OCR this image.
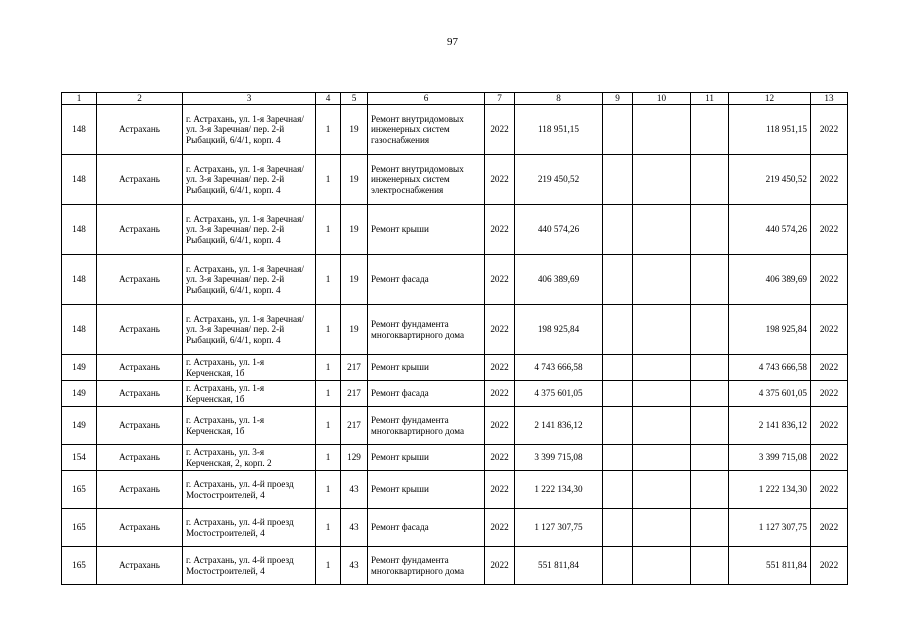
97
1	2	3	4	5	6	7	8	9	10	11	12	13
148	Астрахань	г. Астрахань, ул. 1-я Заречная/ ул. 3-я Заречная/ пер. 2-й Рыбацкий, 6/4/1, корп. 4	1	19	Ремонт внутридомовых инженерных систем газоснабжения	2022	118 951,15				118 951,15	2022
148	Астрахань	г. Астрахань, ул. 1-я Заречная/ ул. 3-я Заречная/ пер. 2-й Рыбацкий, 6/4/1, корп. 4	1	19	Ремонт внутридомовых инженерных систем электроснабжения	2022	219 450,52				219 450,52	2022
148	Астрахань	г. Астрахань, ул. 1-я Заречная/ ул. 3-я Заречная/ пер. 2-й Рыбацкий, 6/4/1, корп. 4	1	19	Ремонт крыши	2022	440 574,26				440 574,26	2022
148	Астрахань	г. Астрахань, ул. 1-я Заречная/ ул. 3-я Заречная/ пер. 2-й Рыбацкий, 6/4/1, корп. 4	1	19	Ремонт фасада	2022	406 389,69				406 389,69	2022
148	Астрахань	г. Астрахань, ул. 1-я Заречная/ ул. 3-я Заречная/ пер. 2-й Рыбацкий, 6/4/1, корп. 4	1	19	Ремонт фундамента многоквартирного дома	2022	198 925,84				198 925,84	2022
149	Астрахань	г. Астрахань, ул. 1-я Керченская, 1б	1	217	Ремонт крыши	2022	4 743 666,58				4 743 666,58	2022
149	Астрахань	г. Астрахань, ул. 1-я Керченская, 1б	1	217	Ремонт фасада	2022	4 375 601,05				4 375 601,05	2022
149	Астрахань	г. Астрахань, ул. 1-я Керченская, 1б	1	217	Ремонт фундамента многоквартирного дома	2022	2 141 836,12				2 141 836,12	2022
154	Астрахань	г. Астрахань, ул. 3-я Керченская, 2, корп. 2	1	129	Ремонт крыши	2022	3 399 715,08				3 399 715,08	2022
165	Астрахань	г. Астрахань, ул. 4-й проезд Мостостроителей, 4	1	43	Ремонт крыши	2022	1 222 134,30				1 222 134,30	2022
165	Астрахань	г. Астрахань, ул. 4-й проезд Мостостроителей, 4	1	43	Ремонт фасада	2022	1 127 307,75				1 127 307,75	2022
165	Астрахань	г. Астрахань, ул. 4-й проезд Мостостроителей, 4	1	43	Ремонт фундамента многоквартирного дома	2022	551 811,84				551 811,84	2022
